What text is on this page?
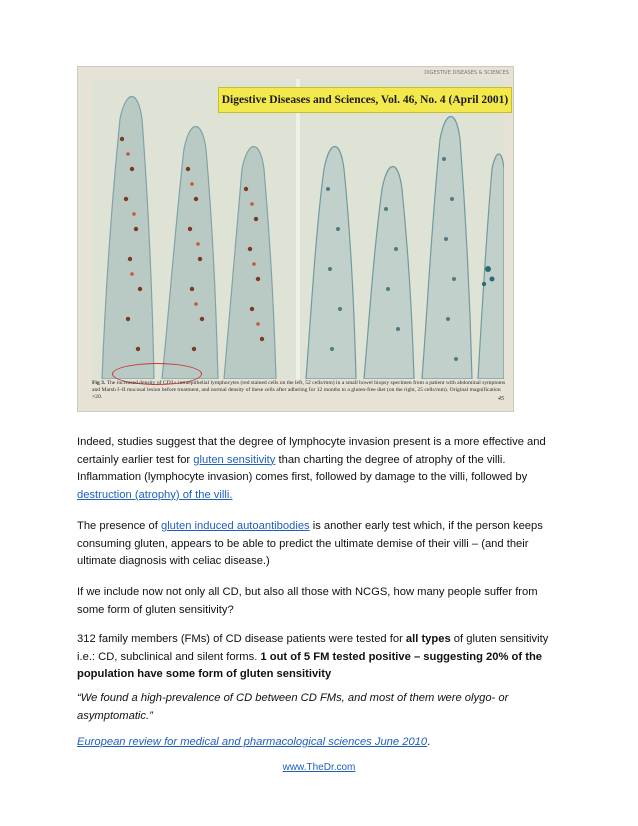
DIGESTIVE DISEASES & SCIENCES
Digestive Diseases and Sciences, Vol. 46, No. 4 (April 2001)
Fig 3. The increased density of CD3+ intraepithelial lymphocytes (red stained cells on the left, 52 cells/mm) in a small bowel biopsy specimen from a patient with abdominal symptoms and Marsh I–II mucosal lesion before treatment, and normal density of these cells after adhering for 12 months to a gluten-free diet (on the right, 25 cells/mm). Original magnification ×20.	45

Indeed, studies suggest that the degree of lymphocyte invasion present is a more effective and certainly earlier test for gluten sensitivity than charting the degree of atrophy of the villi. Inflammation (lymphocyte invasion) comes first, followed by damage to the villi, followed by destruction (atrophy) of the villi.

The presence of gluten induced autoantibodies is another early test which, if the person keeps consuming gluten, appears to be able to predict the ultimate demise of their villi – (and their ultimate diagnosis with celiac disease.)

If we include now not only all CD, but also all those with NCGS, how many people suffer from some form of gluten sensitivity?

312 family members (FMs) of CD disease patients were tested for all types of gluten sensitivity i.e.: CD, subclinical and silent forms. 1 out of 5 FM tested positive – suggesting 20% of the population have some form of gluten sensitivity

“We found a high-prevalence of CD between CD FMs, and most of them were olygo- or asymptomatic.”

European review for medical and pharmacological sciences June 2010.

www.TheDr.com
